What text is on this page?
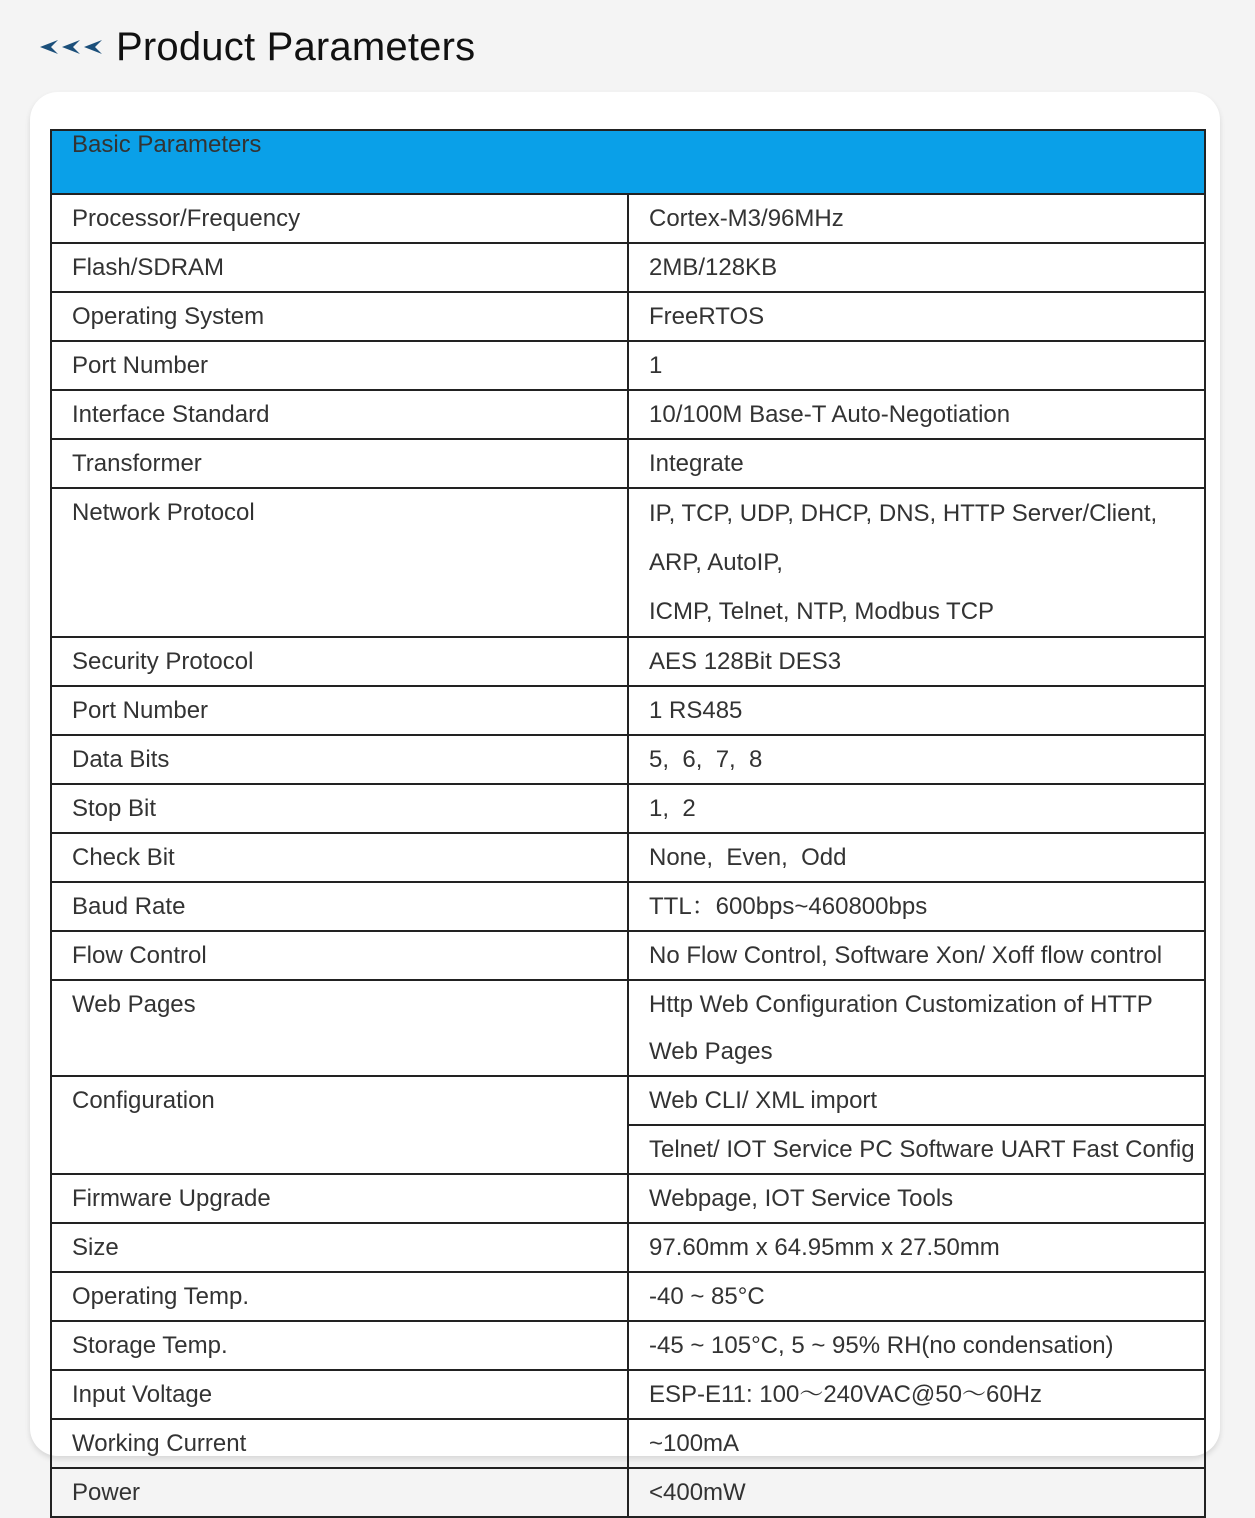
Product Parameters
Basic Parameters	
Processor/Frequency	Cortex-M3/96MHz
Flash/SDRAM	2MB/128KB
Operating System	FreeRTOS
Port Number	1
Interface Standard	10/100M Base-T Auto-Negotiation
Transformer	Integrate
Network Protocol	IP, TCP, UDP, DHCP, DNS, HTTP Server/Client, ARP, AutoIP,
ICMP, Telnet, NTP, Modbus TCP

Security Protocol	AES 128Bit DES3
Port Number	1 RS485
Data Bits	5,  6,  7,  8
Stop Bit	1,  2
Check Bit	None,  Even,  Odd
Baud Rate	TTL：600bps~460800bps
Flow Control	No Flow Control, Software Xon/ Xoff flow control
Web Pages	Http Web Configuration Customization of HTTP Web Pages
Configuration	Web CLI/ XML import
	Telnet/ IOT Service PC Software UART Fast Config
Firmware Upgrade	Webpage, IOT Service Tools
Size	97.60mm x 64.95mm x 27.50mm
Operating Temp.	-40 ~ 85°C
Storage Temp.	-45 ~ 105°C, 5 ~ 95% RH(no condensation)
Input Voltage	ESP-E11: 100～240VAC@50～60Hz
Working Current	~100mA
Power	<400mW
